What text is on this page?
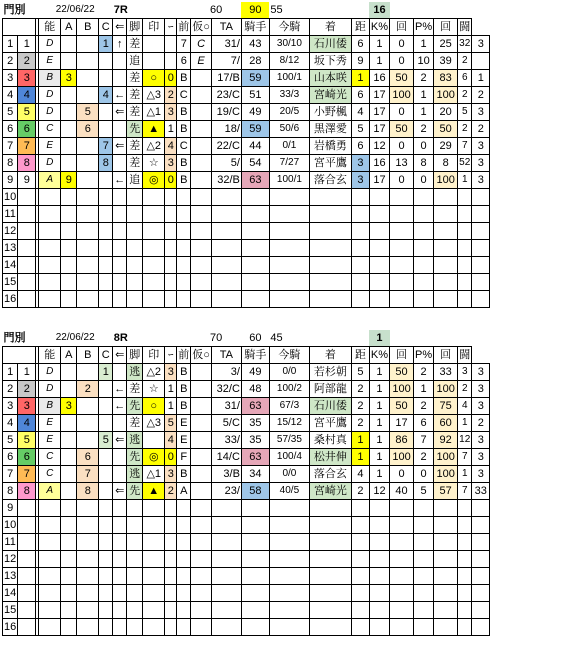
門別		22/06/22					7R					60		90	55			16					
			能	A	B	C	⇐	脚	印	ｰ	前	仮○	TA	騎手	今騎	着	距	K%	回	P%	回	闘	
1	1		D			1	↑	差			7	C	31/	43	30/10	石川倭	6	1	0	1	25	32	3
2	2		E					追			6	E	7/	28	8/12	坂下秀	9	1	0	10	39	2	
3	3		B	3				差	○	0	B		17/B	59	100/1	山本咲	1	16	50	2	83	6	1
4	4		D			4	←	差	△3	2	C		23/C	51	33/3	宮崎光	6	17	100	1	100	2	2
5	5		D		5		⇐	差	△1	3	B		19/C	49	20/5	小野楓	4	17	0	1	20	5	3
6	6		C		6			先	▲	1	B		18/	59	50/6	黒澤愛	5	17	50	2	50	2	2
7	7		E			7	⇐	差	△2	4	C		22/C	44	0/1	岩橋勇	6	12	0	0	29	7	3
8	8		D			8		差	☆	3	B		5/	54	7/27	宮平鷹	3	16	13	8	8	52	3
9	9		A	9			←	追	◎	0	B		32/B	63	100/1	落合玄	3	17	0	0	100	1	3
10																							
11																							
12																							
13																							
14																							
15																							
16																							
門別		22/06/22					8R					70		60	45			1					
			能	A	B	C	⇐	脚	印	ｰ	前	仮○	TA	騎手	今騎	着	距	K%	回	P%	回	闘	
1	1		D			1		逃	△2	3	B		3/	49	0/0	若杉朝	5	1	50	2	33	3	3
2	2		D		2		←	差	☆	1	B		32/C	48	100/2	阿部龍	2	1	100	1	100	2	3
3	3		B	3			←	先	○	1	B		31/	63	67/3	石川倭	2	1	50	2	75	4	3
4	4		E					差	△3	5	E		5/C	35	15/12	宮平鷹	2	1	17	6	60	1	2
5	5		E			5	⇐	逃		4	E		33/	35	57/35	桑村真	1	1	86	7	92	12	3
6	6		C		6			先	◎	0	F		14/C	63	100/4	松井伸	1	1	100	2	100	7	3
7	7		C		7			逃	△1	3	B		3/B	34	0/0	落合玄	4	1	0	0	100	1	3
8	8		A		8		⇐	先	▲	2	A		23/	58	40/5	宮崎光	2	12	40	5	57	7	33
9																							
10																							
11																							
12																							
13																							
14																							
15																							
16																							
